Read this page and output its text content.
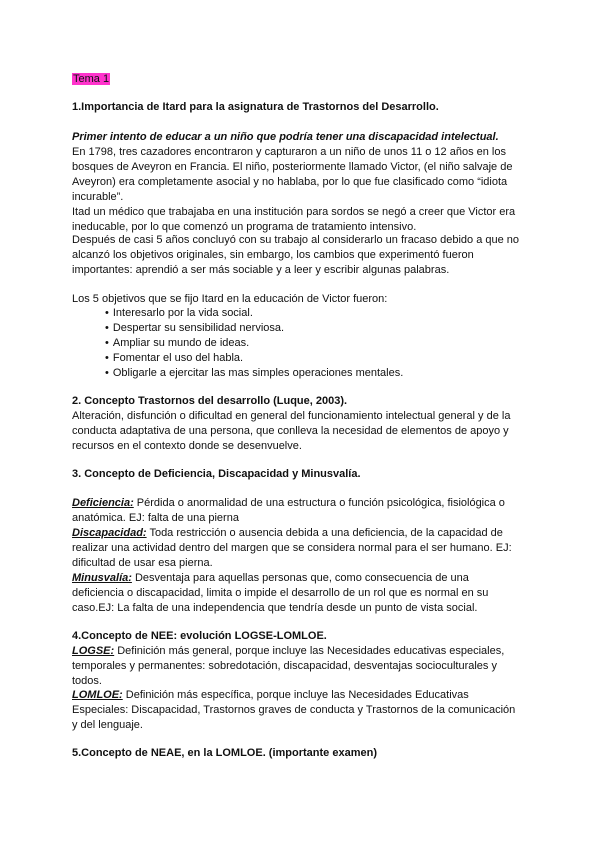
Tema 1
1.Importancia de Itard para la asignatura de Trastornos del Desarrollo.
Primer intento de educar a un niño que podría tener una discapacidad intelectual.
En 1798, tres cazadores encontraron y capturaron a un niño de unos 11 o 12 años en los
bosques de Aveyron en Francia. El niño, posteriormente llamado Victor, (el niño salvaje de
Aveyron) era completamente asocial y no hablaba, por lo que fue clasificado como “idiota
incurable”.
Itad un médico que trabajaba en una institución para sordos se negó a creer que Victor era
ineducable, por lo que comenzó un programa de tratamiento intensivo.
Después de casi 5 años concluyó con su trabajo al considerarlo un fracaso debido a que no
alcanzó los objetivos originales, sin embargo, los cambios que experimentó fueron
importantes: aprendió a ser más sociable y a leer y escribir algunas palabras.
Los 5 objetivos que se fijo Itard en la educación de Victor fueron:
• Interesarlo por la vida social.
• Despertar su sensibilidad nerviosa.
• Ampliar su mundo de ideas.
• Fomentar el uso del habla.
• Obligarle a ejercitar las mas simples operaciones mentales.
2. Concepto Trastornos del desarrollo (Luque, 2003).
Alteración, disfunción o dificultad en general del funcionamiento intelectual general y de la
conducta adaptativa de una persona, que conlleva la necesidad de elementos de apoyo y
recursos en el contexto donde se desenvuelve.
3. Concepto de Deficiencia, Discapacidad y Minusvalía.
Deficiencia: Pérdida o anormalidad de una estructura o función psicológica, fisiológica o
anatómica. EJ: falta de una pierna
Discapacidad: Toda restricción o ausencia debida a una deficiencia, de la capacidad de
realizar una actividad dentro del margen que se considera normal para el ser humano. EJ:
dificultad de usar esa pierna.
Minusvalía: Desventaja para aquellas personas que, como consecuencia de una
deficiencia o discapacidad, limita o impide el desarrollo de un rol que es normal en su
caso.EJ: La falta de una independencia que tendría desde un punto de vista social.
4.Concepto de NEE: evolución LOGSE-LOMLOE.
LOGSE: Definición más general, porque incluye las Necesidades educativas especiales,
temporales y permanentes: sobredotación, discapacidad, desventajas socioculturales y
todos.
LOMLOE: Definición más específica, porque incluye las Necesidades Educativas
Especiales: Discapacidad, Trastornos graves de conducta y Trastornos de la comunicación
y del lenguaje.
5.Concepto de NEAE, en la LOMLOE. (importante examen)
